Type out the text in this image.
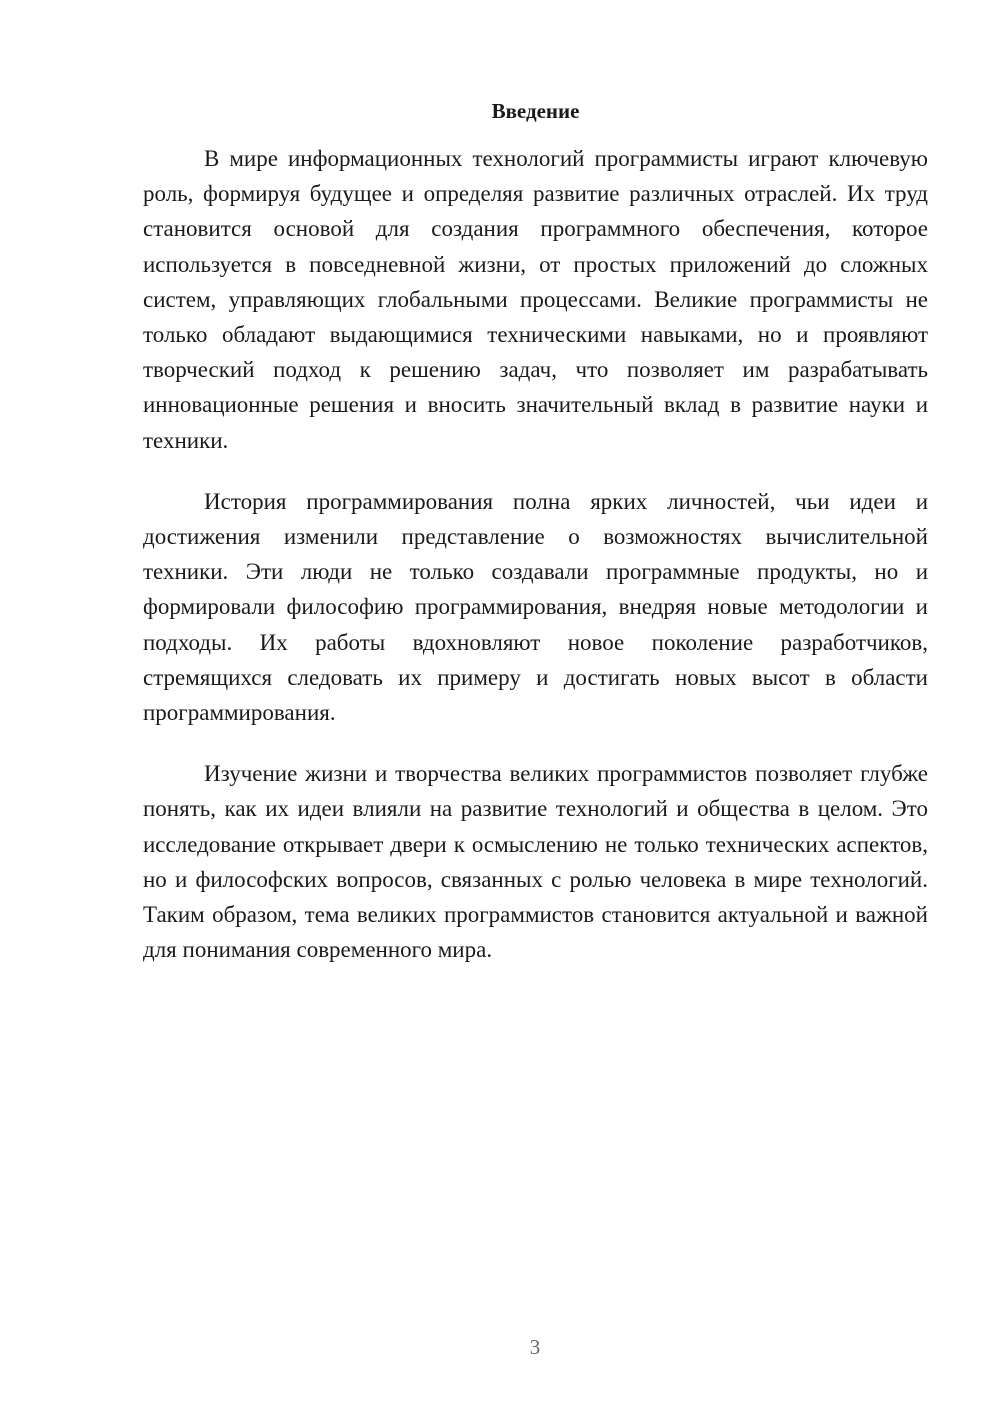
Введение

В мире информационных технологий программисты играют ключевую роль, формируя будущее и определяя развитие различных отраслей. Их труд становится основой для создания программного обеспечения, которое используется в повседневной жизни, от простых приложений до сложных систем, управляющих глобальными процессами. Великие программисты не только обладают выдающимися техническими навыками, но и проявляют творческий подход к решению задач, что позволяет им разрабатывать инновационные решения и вносить значительный вклад в развитие науки и техники.

История программирования полна ярких личностей, чьи идеи и достижения изменили представление о возможностях вычислительной техники. Эти люди не только создавали программные продукты, но и формировали философию программирования, внедряя новые методологии и подходы. Их работы вдохновляют новое поколение разработчиков, стремящихся следовать их примеру и достигать новых высот в области программирования.

Изучение жизни и творчества великих программистов позволяет глубже понять, как их идеи влияли на развитие технологий и общества в целом. Это исследование открывает двери к осмыслению не только технических аспектов, но и философских вопросов, связанных с ролью человека в мире технологий. Таким образом, тема великих программистов становится актуальной и важной для понимания современного мира.

3
